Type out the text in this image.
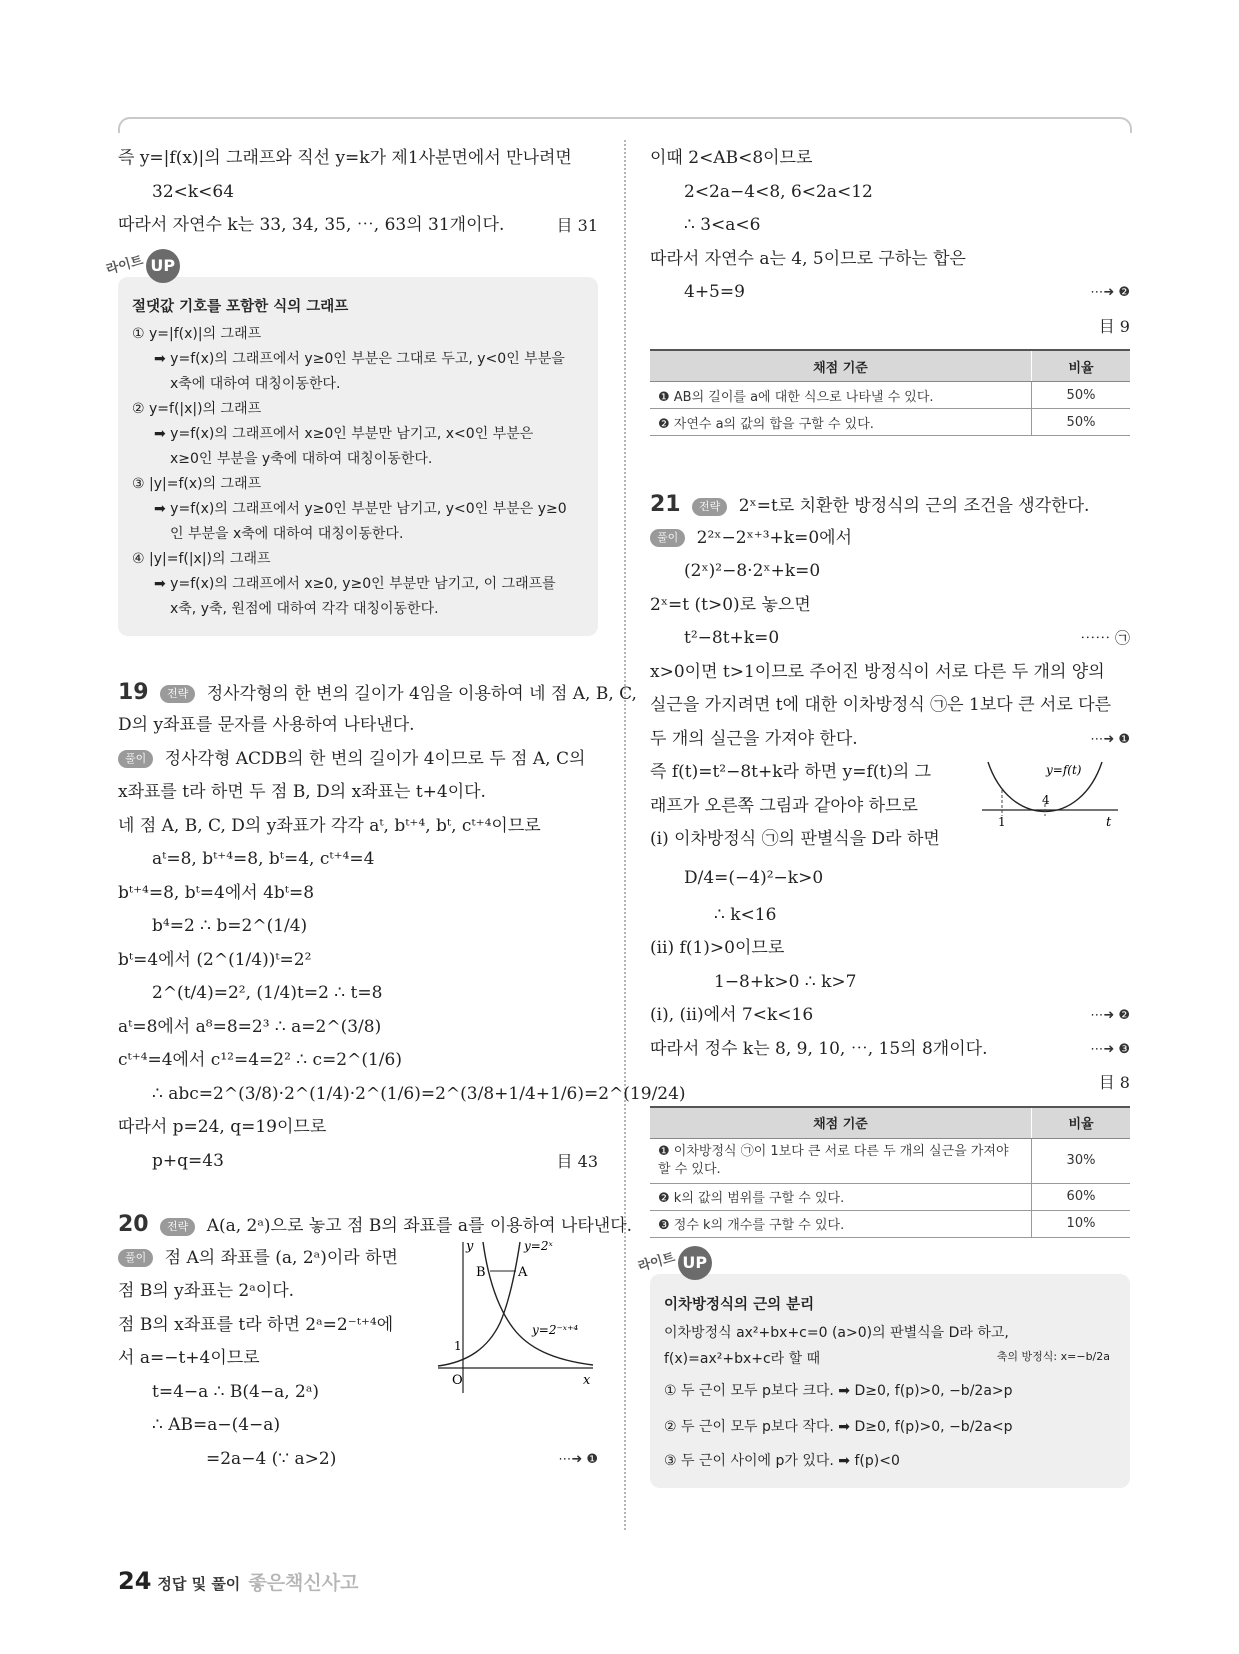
즉 y=|f(x)|의 그래프와 직선 y=k가 제1사분면에서 만나려면
32<k<64
따라서 자연수 k는 33, 34, 35, ⋯, 63의 31개이다.	目 31
라이트 UP
절댓값 기호를 포함한 식의 그래프
① y=|f(x)|의 그래프
➡ y=f(x)의 그래프에서 y≥0인 부분은 그대로 두고, y<0인 부분을
x축에 대하여 대칭이동한다.
② y=f(|x|)의 그래프
➡ y=f(x)의 그래프에서 x≥0인 부분만 남기고, x<0인 부분은
x≥0인 부분을 y축에 대하여 대칭이동한다.
③ |y|=f(x)의 그래프
➡ y=f(x)의 그래프에서 y≥0인 부분만 남기고, y<0인 부분은 y≥0
인 부분을 x축에 대하여 대칭이동한다.
④ |y|=f(|x|)의 그래프
➡ y=f(x)의 그래프에서 x≥0, y≥0인 부분만 남기고, 이 그래프를
x축, y축, 원점에 대하여 각각 대칭이동한다.
19 전략 정사각형의 한 변의 길이가 4임을 이용하여 네 점 A, B, C,
D의 y좌표를 문자를 사용하여 나타낸다.
풀이 정사각형 ACDB의 한 변의 길이가 4이므로 두 점 A, C의
x좌표를 t라 하면 두 점 B, D의 x좌표는 t+4이다.
네 점 A, B, C, D의 y좌표가 각각 aᵗ, bᵗ⁺⁴, bᵗ, cᵗ⁺⁴이므로
aᵗ=8, bᵗ⁺⁴=8, bᵗ=4, cᵗ⁺⁴=4
bᵗ⁺⁴=8, bᵗ=4에서 4bᵗ=8
b⁴=2 ∴ b=2^(1/4)
bᵗ=4에서 (2^(1/4))ᵗ=2²
2^(t/4)=2², (1/4)t=2 ∴ t=8
aᵗ=8에서 a⁸=8=2³ ∴ a=2^(3/8)
cᵗ⁺⁴=4에서 c¹²=4=2² ∴ c=2^(1/6)
∴ abc=2^(3/8)·2^(1/4)·2^(1/6)=2^(3/8+1/4+1/6)=2^(19/24)
따라서 p=24, q=19이므로
p+q=43	目 43
20 전략 A(a, 2ᵃ)으로 놓고 점 B의 좌표를 a를 이용하여 나타낸다.
풀이 점 A의 좌표를 (a, 2ᵃ)이라 하면
점 B의 y좌표는 2ᵃ이다.
점 B의 x좌표를 t라 하면 2ᵃ=2⁻ᵗ⁺⁴에
서 a=−t+4이므로
t=4−a ∴ B(4−a, 2ᵃ)
∴ AB=a−(4−a)
=2a−4 (∵ a>2)	⋯➜ ❶
y
x
O
1
B A
y=2ˣ
y=2⁻ˣ⁺⁴
이때 2<AB<8이므로
2<2a−4<8, 6<2a<12
∴ 3<a<6
따라서 자연수 a는 4, 5이므로 구하는 합은
4+5=9	⋯➜ ❷
目 9
채점 기준	비율
❶ AB의 길이를 a에 대한 식으로 나타낼 수 있다.	50%
❷ 자연수 a의 값의 합을 구할 수 있다.	50%
21 전략 2ˣ=t로 치환한 방정식의 근의 조건을 생각한다.
풀이 2²ˣ−2ˣ⁺³+k=0에서
(2ˣ)²−8·2ˣ+k=0
2ˣ=t (t>0)로 놓으면
t²−8t+k=0	⋯⋯ ㉠
x>0이면 t>1이므로 주어진 방정식이 서로 다른 두 개의 양의
실근을 가지려면 t에 대한 이차방정식 ㉠은 1보다 큰 서로 다른
두 개의 실근을 가져야 한다.	⋯➜ ❶
즉 f(t)=t²−8t+k라 하면 y=f(t)의 그
래프가 오른쪽 그림과 같아야 하므로
(ⅰ) 이차방정식 ㉠의 판별식을 D라 하면
y=f(t)
t
1
4
D/4=(−4)²−k>0
∴ k<16
(ⅱ) f(1)>0이므로
1−8+k>0 ∴ k>7
(ⅰ), (ⅱ)에서 7<k<16	⋯➜ ❷
따라서 정수 k는 8, 9, 10, ⋯, 15의 8개이다.	⋯➜ ❸
目 8
채점 기준	비율
❶ 이차방정식 ㉠이 1보다 큰 서로 다른 두 개의 실근을 가져야 할 수 있다.	30%
❷ k의 값의 범위를 구할 수 있다.	60%
❸ 정수 k의 개수를 구할 수 있다.	10%
라이트 UP
이차방정식의 근의 분리
이차방정식 ax²+bx+c=0 (a>0)의 판별식을 D라 하고,
f(x)=ax²+bx+c라 할 때	축의 방정식: x=−b/2a
① 두 근이 모두 p보다 크다. ➡ D≥0, f(p)>0, −b/2a>p
② 두 근이 모두 p보다 작다. ➡ D≥0, f(p)>0, −b/2a<p
③ 두 근이 사이에 p가 있다. ➡ f(p)<0
24 정답 및 풀이 좋은책신사고
